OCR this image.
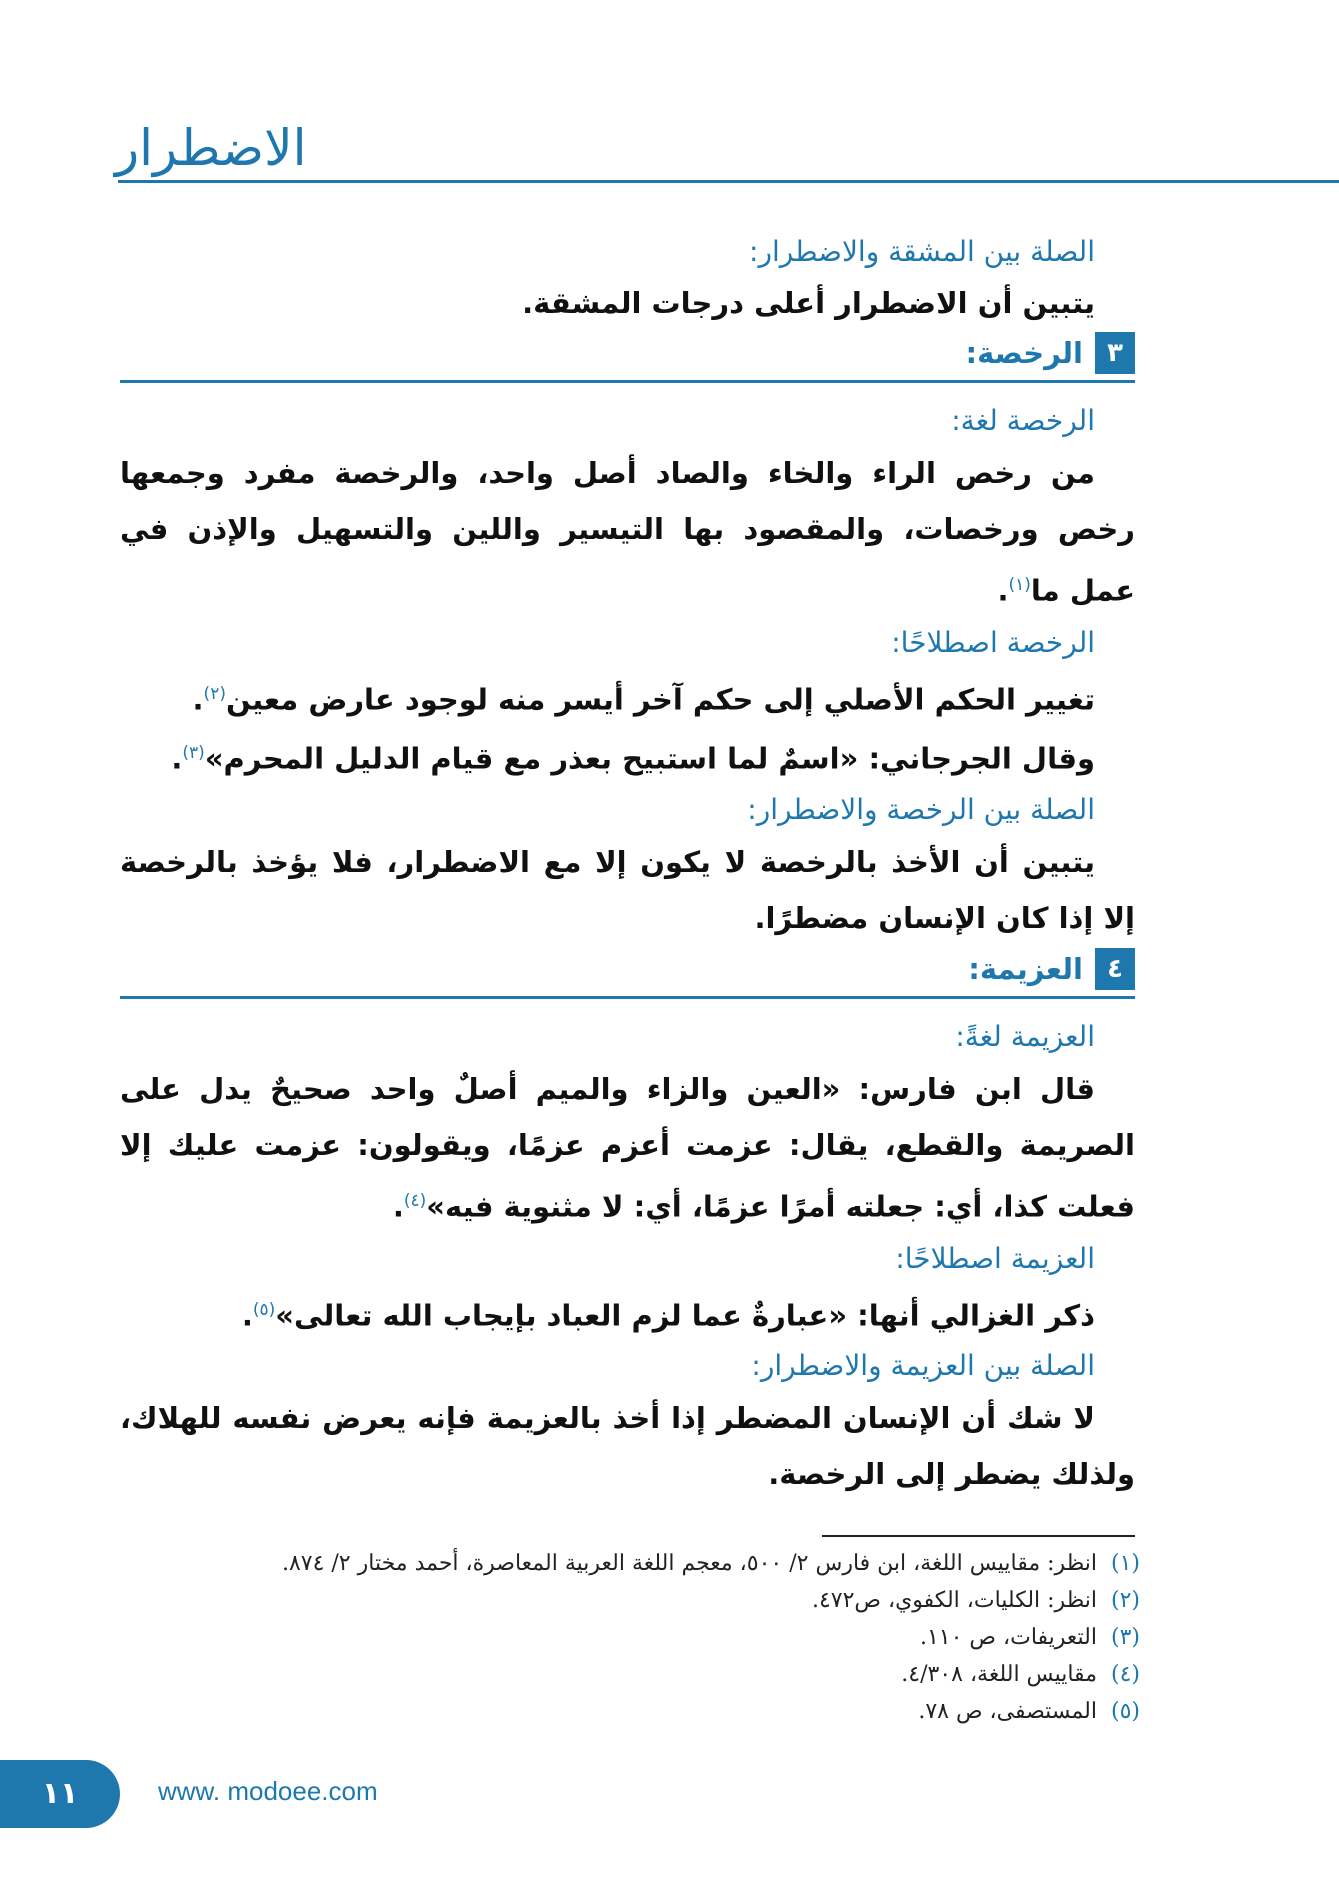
الاضطرار
الصلة بين المشقة والاضطرار:
يتبين أن الاضطرار أعلى درجات المشقة.
٣
الرخصة:
الرخصة لغة:
من رخص الراء والخاء والصاد أصل واحد، والرخصة مفرد وجمعها رخص ورخصات، والمقصود بها التيسير واللين والتسهيل والإذن في عمل ما$^{(١)}$.
الرخصة اصطلاحًا:
تغيير الحكم الأصلي إلى حكم آخر أيسر منه لوجود عارض معين$^{(٢)}$.
وقال الجرجاني: «اسمٌ لما استبيح بعذر مع قيام الدليل المحرم»$^{(٣)}$.
الصلة بين الرخصة والاضطرار:
يتبين أن الأخذ بالرخصة لا يكون إلا مع الاضطرار، فلا يؤخذ بالرخصة إلا إذا كان الإنسان مضطرًا.
٤
العزيمة:
العزيمة لغةً:
قال ابن فارس: «العين والزاء والميم أصلٌ واحد صحيحٌ يدل على الصريمة والقطع، يقال: عزمت أعزم عزمًا، ويقولون: عزمت عليك إلا فعلت كذا، أي: جعلته أمرًا عزمًا، أي: لا مثنوية فيه»$^{(٤)}$.
العزيمة اصطلاحًا:
ذكر الغزالي أنها: «عبارةٌ عما لزم العباد بإيجاب الله تعالى»$^{(٥)}$.
الصلة بين العزيمة والاضطرار:
لا شك أن الإنسان المضطر إذا أخذ بالعزيمة فإنه يعرض نفسه للهلاك، ولذلك يضطر إلى الرخصة.
(١)انظر: مقاييس اللغة، ابن فارس ٢/ ٥٠٠، معجم اللغة العربية المعاصرة، أحمد مختار ٢/ ٨٧٤.
(٢)انظر: الكليات، الكفوي، ص٤٧٢.
(٣)التعريفات، ص ١١٠.
(٤)مقاييس اللغة، ٤/٣٠٨.
(٥)المستصفى، ص ٧٨.
١١	www. modoee.com
